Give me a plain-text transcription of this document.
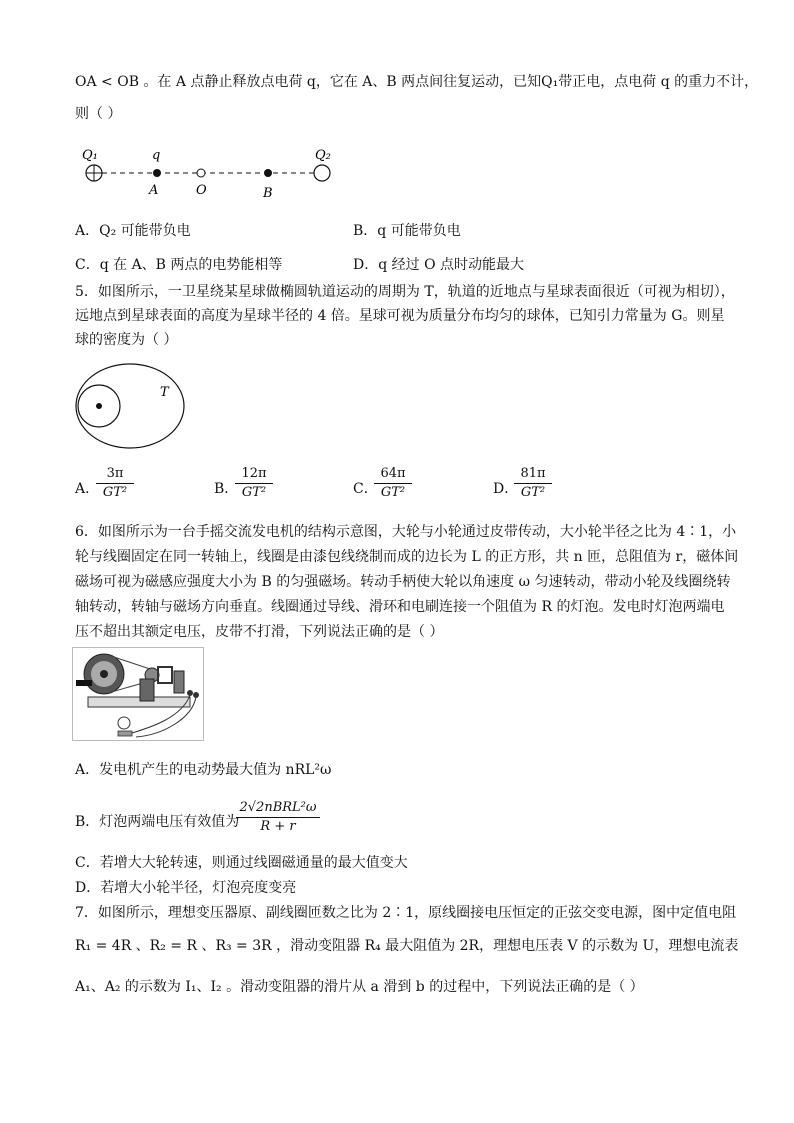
OA < OB 。在 A 点静止释放点电荷 q，它在 A、B 两点间往复运动，已知Q₁带正电，点电荷 q 的重力不计，
则（ ）
Q₁	q	Q₂
A	O	B
A．Q₂ 可能带负电	B．q 可能带负电
C．q 在 A、B 两点的电势能相等	D．q 经过 O 点时动能最大
5．如图所示，一卫星绕某星球做椭圆轨道运动的周期为 T，轨道的近地点与星球表面很近（可视为相切），
远地点到星球表面的高度为星球半径的 4 倍。星球可视为质量分布均匀的球体，已知引力常量为 G。则星
球的密度为（ ）
T
A．
3π
GT²	B．
12π
GT²	C．
64π
GT²	D．
81π
GT²
6．如图所示为一台手摇交流发电机的结构示意图，大轮与小轮通过皮带传动，大小轮半径之比为 4∶1，小
轮与线圈固定在同一转轴上，线圈是由漆包线绕制而成的边长为 L 的正方形，共 n 匝，总阻值为 r，磁体间
磁场可视为磁感应强度大小为 B 的匀强磁场。转动手柄使大轮以角速度 ω 匀速转动，带动小轮及线圈绕转
轴转动，转轴与磁场方向垂直。线圈通过导线、滑环和电刷连接一个阻值为 R 的灯泡。发电时灯泡两端电
压不超出其额定电压，皮带不打滑，下列说法正确的是（ ）
A．发电机产生的电动势最大值为 nRL²ω
B．灯泡两端电压有效值为
2√2nBRL²ω
R + r
C．若增大大轮转速，则通过线圈磁通量的最大值变大
D．若增大小轮半径，灯泡亮度变亮
7．如图所示，理想变压器原、副线圈匝数之比为 2∶1，原线圈接电压恒定的正弦交变电源，图中定值电阻
R₁ = 4R 、R₂ = R 、R₃ = 3R ，滑动变阻器 R₄ 最大阻值为 2R，理想电压表 V 的示数为 U，理想电流表
A₁、A₂ 的示数为 I₁、I₂ 。滑动变阻器的滑片从 a 滑到 b 的过程中，下列说法正确的是（ ）
